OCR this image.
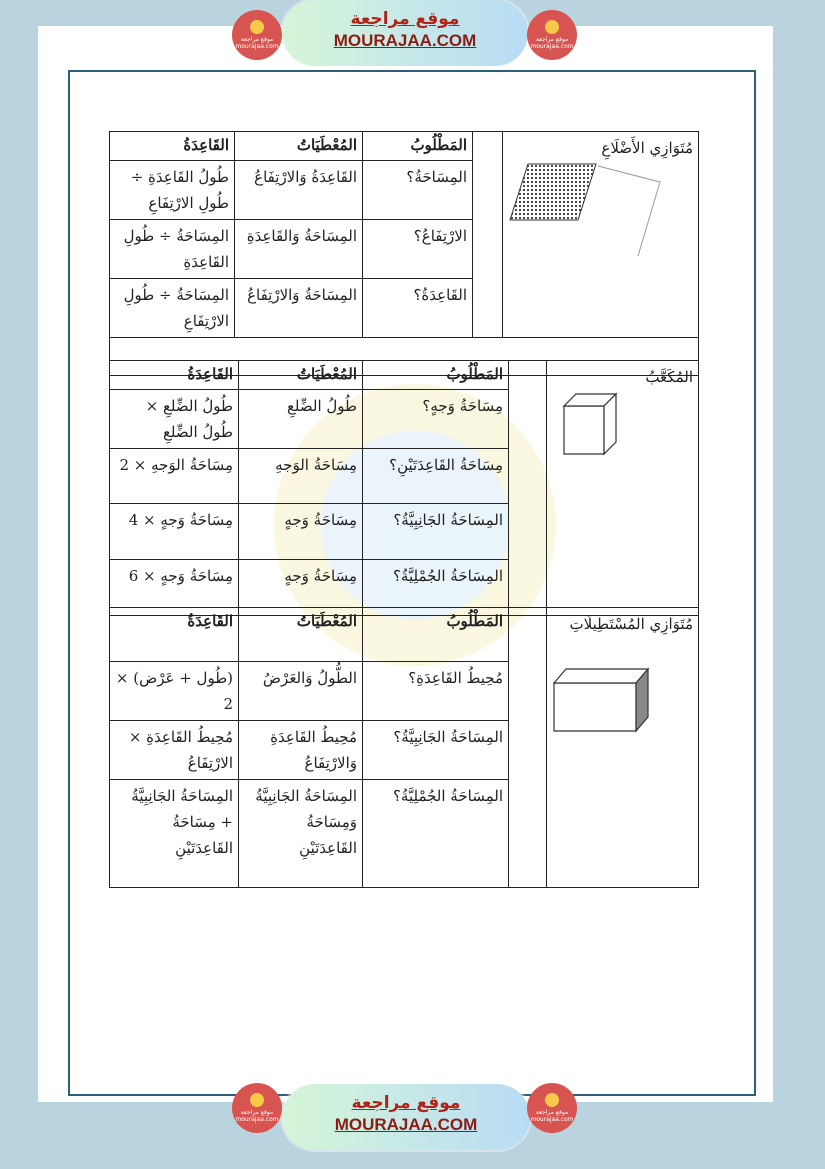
موقع مراجعة
MOURAJAA.COM
موقع مراجعة mourajaa.com
موقع مراجعة mourajaa.com
موقع مراجعة
MOURAJAA.COM
موقع مراجعة mourajaa.com
موقع مراجعة mourajaa.com
مُتَوَازِي الأَضْلَاعِ		المَطْلُوبُ	المُعْطَيَاتُ	القَاعِدَةُ
		المِسَاحَةُ؟	القَاعِدَةُ وَالارْتِفَاعُ	طُولُ القَاعِدَةِ ÷ طُولِ الارْتِفَاعِ
		الارْتِفَاعُ؟	المِسَاحَةُ وَالقَاعِدَةِ	المِسَاحَةُ ÷ طُولِ القَاعِدَةِ
		القَاعِدَةُ؟	المِسَاحَةُ وَالارْتِفَاعُ	المِسَاحَةُ ÷ طُولِ الارْتِفَاعِ

المُكَعَّبُ		المَطْلُوبُ	المُعْطَيَاتُ	القَاعِدَةُ
		مِسَاحَةُ وَجهٍ؟	طُولُ الضِّلعِ	طُولُ الضِّلعِ × طُولُ الضِّلعِ
		مِسَاحَةُ القَاعِدَتَيْنِ؟	مِسَاحَةُ الوَجهِ	مِسَاحَةُ الوَجهِ × 2
		المِسَاحَةُ الجَانِبِيَّةُ؟	مِسَاحَةُ وَجهٍ	مِسَاحَةُ وَجهٍ × 4
		المِسَاحَةُ الجُمْلِيَّةُ؟	مِسَاحَةُ وَجهٍ	مِسَاحَةُ وَجهٍ × 6
مُتَوَازِي المُسْتَطِيلَاتِ		المَطْلُوبُ	المُعْطَيَاتُ	القَاعِدَةُ
		مُحِيطُ القَاعِدَةِ؟	الطُّولُ وَالعَرْضُ	(طُول + عَرْض) × 2
		المِسَاحَةُ الجَانِبِيَّةُ؟	مُحِيطُ القَاعِدَةِ وَالارْتِفَاعُ	مُحِيطُ القَاعِدَةِ × الارْتِفَاعُ
		المِسَاحَةُ الجُمْلِيَّةُ؟	المِسَاحَةُ الجَانِبِيَّةُ وَمِسَاحَةُ القَاعِدَتَيْنِ	المِسَاحَةُ الجَانِبِيَّةُ + مِسَاحَةُ القَاعِدَتَيْنِ
